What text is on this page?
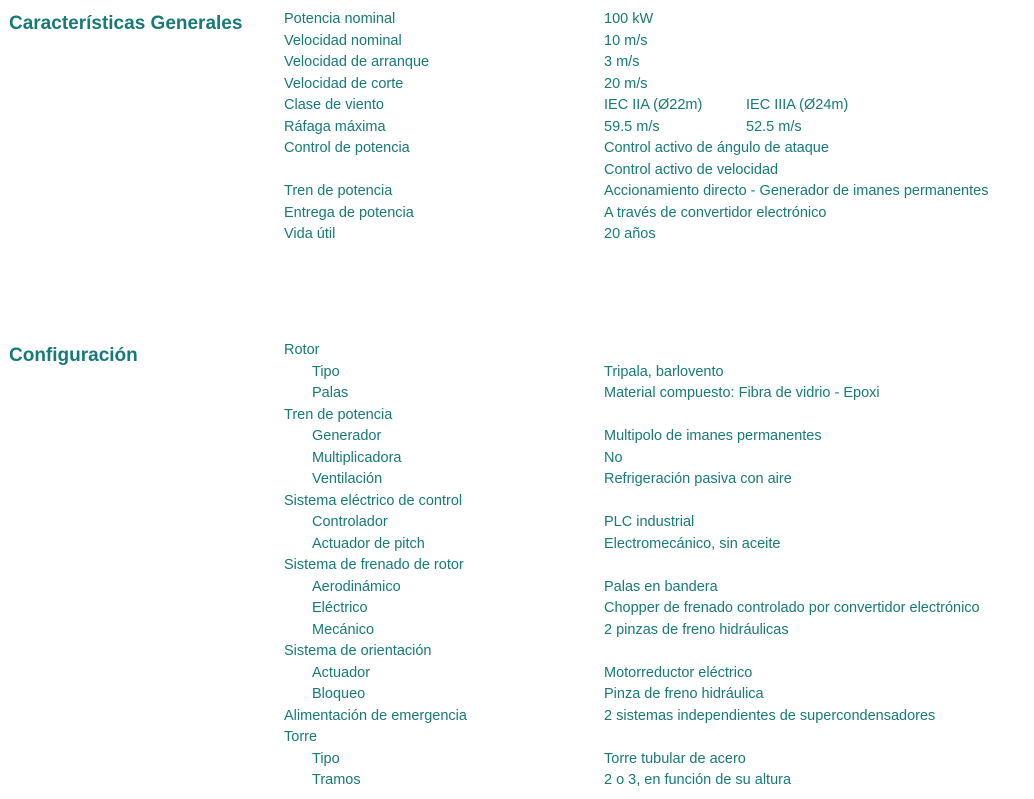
Características Generales	Potencia nominal	100 kW
Velocidad nominal	10 m/s
Velocidad de arranque	3 m/s
Velocidad de corte	20 m/s
Clase de viento	IEC IIA (Ø22m)	IEC IIIA (Ø24m)
Ráfaga máxima	59.5 m/s	52.5 m/s
Control de potencia	Control activo de ángulo de ataque
Control activo de velocidad
Tren de potencia	Accionamiento directo - Generador de imanes permanentes
Entrega de potencia	A través de convertidor electrónico
Vida útil	20 años
Configuración	Rotor
Tipo	Tripala, barlovento
Palas	Material compuesto: Fibra de vidrio - Epoxi
Tren de potencia
Generador	Multipolo de imanes permanentes
Multiplicadora	No
Ventilación	Refrigeración pasiva con aire
Sistema eléctrico de control
Controlador	PLC industrial
Actuador de pitch	Electromecánico, sin aceite
Sistema de frenado de rotor
Aerodinámico	Palas en bandera
Eléctrico	Chopper de frenado controlado por convertidor electrónico
Mecánico	2 pinzas de freno hidráulicas
Sistema de orientación
Actuador	Motorreductor eléctrico
Bloqueo	Pinza de freno hidráulica
Alimentación de emergencia	2 sistemas independientes de supercondensadores
Torre
Tipo	Torre tubular de acero
Tramos	2 o 3, en función de su altura
